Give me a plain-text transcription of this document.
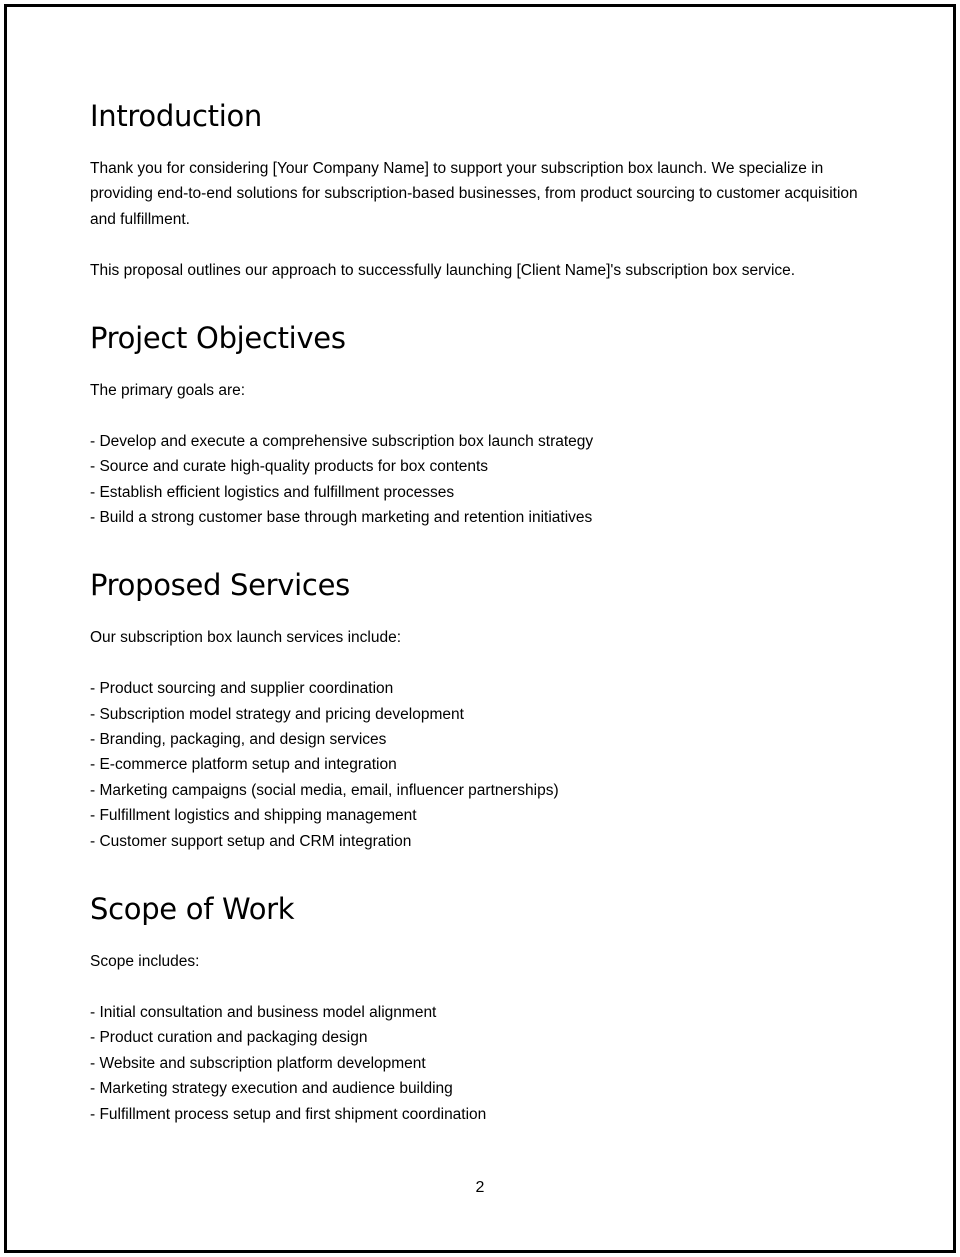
Introduction

Thank you for considering [Your Company Name] to support your subscription box launch. We specialize in providing end-to-end solutions for subscription-based businesses, from product sourcing to customer acquisition and fulfillment.

This proposal outlines our approach to successfully launching [Client Name]'s subscription box service.

Project Objectives

The primary goals are:

- Develop and execute a comprehensive subscription box launch strategy

- Source and curate high-quality products for box contents

- Establish efficient logistics and fulfillment processes

- Build a strong customer base through marketing and retention initiatives

Proposed Services

Our subscription box launch services include:

- Product sourcing and supplier coordination

- Subscription model strategy and pricing development

- Branding, packaging, and design services

- E-commerce platform setup and integration

- Marketing campaigns (social media, email, influencer partnerships)

- Fulfillment logistics and shipping management

- Customer support setup and CRM integration

Scope of Work

Scope includes:

- Initial consultation and business model alignment

- Product curation and packaging design

- Website and subscription platform development

- Marketing strategy execution and audience building

- Fulfillment process setup and first shipment coordination

2
